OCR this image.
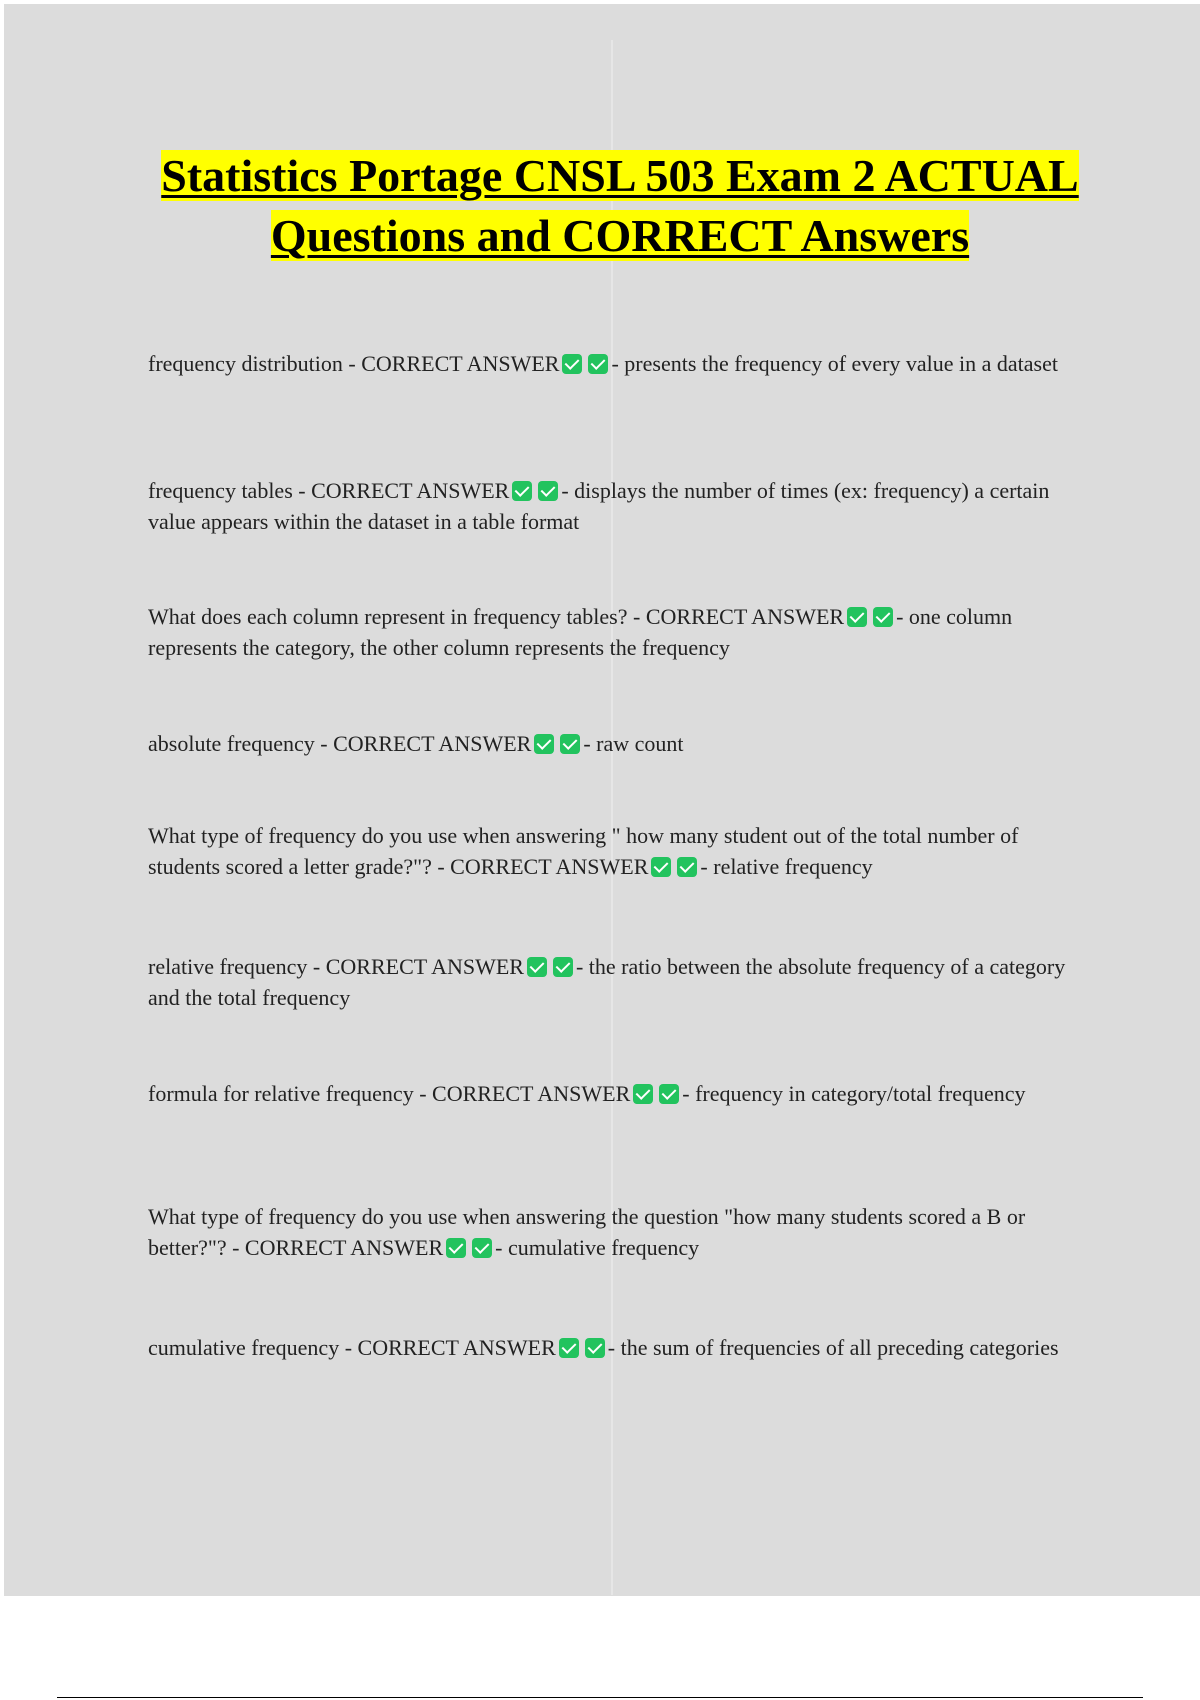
Statistics Portage CNSL 503 Exam 2 ACTUAL Questions and CORRECT Answers
frequency distribution - CORRECT ANSWER - presents the frequency of every value in a dataset
frequency tables - CORRECT ANSWER - displays the number of times (ex: frequency) a certain value appears within the dataset in a table format
What does each column represent in frequency tables? - CORRECT ANSWER - one column represents the category, the other column represents the frequency
absolute frequency - CORRECT ANSWER - raw count
What type of frequency do you use when answering " how many student out of the total number of students scored a letter grade?"? - CORRECT ANSWER - relative frequency
relative frequency - CORRECT ANSWER - the ratio between the absolute frequency of a category and the total frequency
formula for relative frequency - CORRECT ANSWER - frequency in category/total frequency
What type of frequency do you use when answering the question "how many students scored a B or better?"? - CORRECT ANSWER - cumulative frequency
cumulative frequency - CORRECT ANSWER - the sum of frequencies of all preceding categories
